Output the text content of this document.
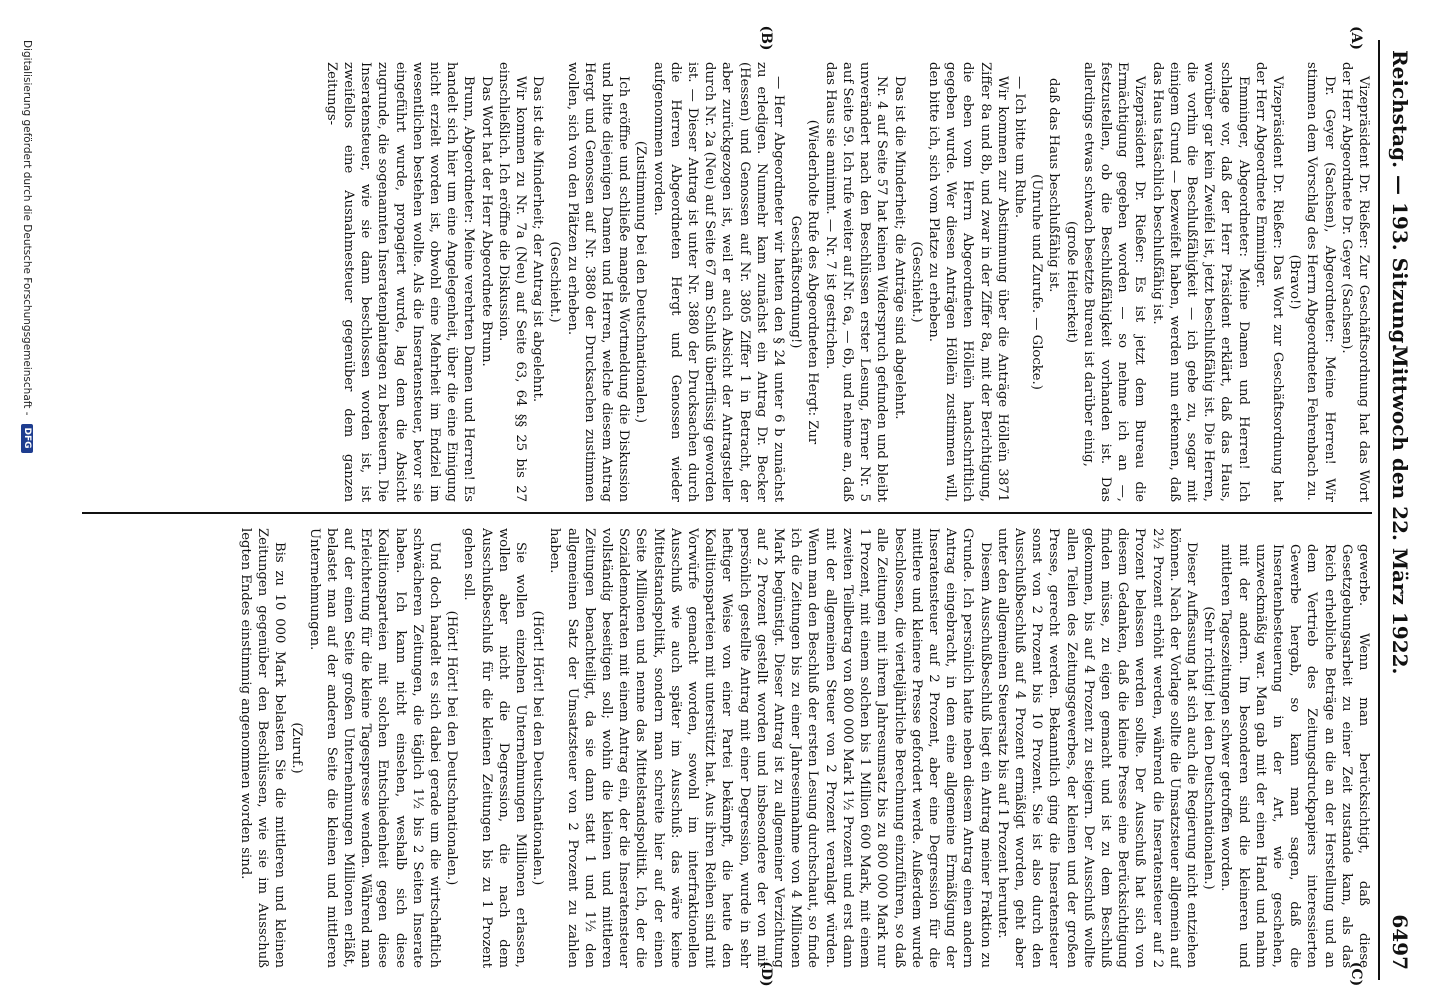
Reichstag. — 193. Sitzung.
Mittwoch den 22. März 1922.
6497
(A)
(B)
(C)
(D)

Vizepräsident Dr. Rießer: Zur Geschäftsordnung hat das Wort der Herr Abgeordnete Dr. Geyer (Sachsen).

Dr. Geyer (Sachsen), Abgeordneter: Meine Herren! Wir stimmen dem Vorschlag des Herrn Abgeordneten Fehrenbach zu.

(Bravo!)

Vizepräsident Dr. Rießer: Das Wort zur Geschäftsordnung hat der Herr Abgeordnete Emminger.

Emminger, Abgeordneter: Meine Damen und Herren! Ich schlage vor, daß der Herr Präsident erklärt, daß das Haus, worüber gar kein Zweifel ist, jetzt beschlußfähig ist. Die Herren, die vorhin die Beschlußfähigkeit — ich gebe zu, sogar mit einigem Grund — bezweifelt haben, werden nun erkennen, daß das Haus tatsächlich beschlußfähig ist.

Vizepräsident Dr. Rießer: Es ist jetzt dem Bureau die Ermächtigung gegeben worden — so nehme ich an —, festzustellen, ob die Beschlußfähigkeit vorhanden ist. Das allerdings etwas schwach besetzte Bureau ist darüber einig,

(große Heiterkeit)

daß das Haus beschlußfähig ist.

(Unruhe und Zurufe. — Glocke.)

— Ich bitte um Ruhe.

Wir kommen zur Abstimmung über die Anträge Hölleïn 3871 Ziffer 8a und 8b, und zwar in der Ziffer 8a, mit der Berichtigung, die eben vom Herrn Abgeordneten Hölleïn handschriftlich gegeben wurde. Wer diesen Anträgen Hölleïn zustimmen will, den bitte ich, sich vom Platze zu erheben.

(Geschieht.)

Das ist die Minderheit; die Anträge sind abgelehnt.

Nr. 4 auf Seite 57 hat keinen Widerspruch gefunden und bleibt unverändert nach den Beschlüssen erster Lesung, ferner Nr. 5 auf Seite 59. Ich rufe weiter auf Nr. 6a, — 6b, und nehme an, daß das Haus sie annimmt. — Nr. 7 ist gestrichen.

(Wiederholte Rufe des Abgeordneten Hergt: Zur Geschäftsordnung!)

— Herr Abgeordneter wir hatten den § 24 unter 6 b zunächst zu erledigen. Nunmehr kam zunächst ein Antrag Dr. Becker (Hessen) und Genossen auf Nr. 3805 Ziffer 1 in Betracht, der aber zurückgezogen ist, weil er auch Absicht der Antragsteller durch Nr. 2a (Neu) auf Seite 67 am Schluß überflüssig geworden ist. — Dieser Antrag ist unter Nr. 3880 der Drucksachen durch die Herren Abgeordneten Hergt und Genossen wieder aufgenommen worden.

(Zustimmung bei den Deutschnationalen.)

Ich eröffne und schließe mangels Wortmeldung die Diskussion und bitte diejenigen Damen und Herren, welche diesem Antrag Hergt und Genossen auf Nr. 3880 der Drucksachen zustimmen wollen, sich von den Plätzen zu erheben.

(Geschieht.)

Das ist die Minderheit; der Antrag ist abgelehnt.

Wir kommen zu Nr. 7a (Neu) auf Seite 63, 64 §§ 25 bis 27 einschließlich. Ich eröffne die Diskussion.

Das Wort hat der Herr Abgeordnete Brunn.

Brunn, Abgeordneter: Meine verehrten Damen und Herren! Es handelt sich hier um eine Angelegenheit, über die eine Einigung nicht erzielt worden ist, obwohl eine Mehrheit im Endziel im wesentlichen bestehen wollte. Als die Inseratensteuer, bevor sie eingeführt wurde, propagiert wurde, lag dem die Absicht zugrunde, die sogenannten Inseratenplantagen zu besteuern. Die Inseratensteuer, wie sie dann beschlossen worden ist, ist zweifellos eine Ausnahmesteuer gegenüber dem ganzen Zeitungs-

gewerbe. Wenn man berücksichtigt, daß diese Gesetzgebungsarbeit zu einer Zeit zustande kam, als das Reich erhebliche Beträge an die an der Herstellung und an dem Vertrieb des Zeitungsdruckpapiers interessierten Gewerbe hergab, so kann man sagen, daß die Inseratenbesteuerung in der Art, wie geschehen, unzweckmäßig war. Man gab mit der einen Hand und nahm mit der andern. Im besonderen sind die kleineren und mittleren Tageszeitungen schwer getroffen worden.

(Sehr richtig! bei den Deutschnationalen.)

Dieser Auffassung hat sich auch die Regierung nicht entziehen können. Nach der Vorlage sollte die Umsatzsteuer allgemein auf 2½ Prozent erhöht werden, während die Inseratensteuer auf 2 Prozent belassen werden sollte. Der Ausschuß hat sich von diesem Gedanken, daß die kleine Presse eine Berücksichtigung finden müsse, zu eigen gemacht und ist zu dem Beschluß gekommen, bis auf 4 Prozent zu steigern. Der Ausschuß wollte allen Teilen des Zeitungsgewerbes, der kleinen und der großen Presse, gerecht werden. Bekanntlich ging die Inseratensteuer sonst von 2 Prozent bis 10 Prozent. Sie ist also durch den Ausschußbeschluß auf 4 Prozent ermäßigt worden, geht aber unter den allgemeinen Steuersatz bis auf 1 Prozent herunter.

Diesem Ausschußbeschluß liegt ein Antrag meiner Fraktion zu Grunde. Ich persönlich hatte neben diesem Antrag einen andern Antrag eingebracht, in dem eine allgemeine Ermäßigung der Inseratensteuer auf 2 Prozent, aber eine Degression für die mittlere und kleinere Presse gefordert werde. Außerdem wurde beschlossen, die vierteljährliche Berechnung einzuführen, so daß alle Zeitungen mit ihrem Jahresumsatz bis zu 800 000 Mark nur 1 Prozent, mit einem solchen bis 1 Million 600 Mark, mit einem zweiten Teilbetrag von 800 000 Mark 1½ Prozent und erst dann mit der allgemeinen Steuer von 2 Prozent veranlagt würden. Wenn man den Beschluß der ersten Lesung durchschaut, so finde ich die Zeitungen bis zu einer Jahreseinnahme von 4 Millionen Mark begünstigt. Dieser Antrag ist zu allgemeiner Verzichtung auf 2 Prozent gestellt worden und insbesondere der von mir persönlich gestellte Antrag mit einer Degression, wurde in sehr heftiger Weise von einer Partei bekämpft, die heute den Koalitionsparteien mit unterstützt hat. Aus ihren Reihen sind mit Vorwürfe gemacht worden, sowohl im interfraktionellen Ausschuß wie auch später im Ausschuß: das wäre keine Mittelstandspolitik, sondern man schreite hier auf der einen Seite Millionen und nenne das Mittelstandspolitik. Ich, der die Sozialdemokraten mit einem Antrag ein, der die Inseratensteuer vollständig beseitigen soll; wohin die kleinen und mittleren Zeitungen benachteiligt, da sie dann statt 1 und 1½ den allgemeinen Satz der Umsatzsteuer von 2 Prozent zu zahlen haben.

(Hört! Hört! bei den Deutschnationalen.)

Sie wollen einzelnen Unternehmungen Millionen erlassen, wollen aber nicht die Degression, die nach dem Ausschußbeschluß für die kleinen Zeitungen bis zu 1 Prozent gehen soll.

(Hört! Hört! bei den Deutschnationalen.)

Und doch handelt es sich dabei gerade um die wirtschaftlich schwächeren Zeitungen, die täglich 1½ bis 2 Seiten Inserate haben. Ich kann nicht einsehen, weshalb sich diese Koalitionsparteien mit solchen Entschiedenheit gegen diese Erleichterung für die kleine Tagespresse wenden. Während man auf der einen Seite großen Unternehmungen Millionen erläßt, belastet man auf der anderen Seite die kleinen und mittleren Unternehmungen.

(Zuruf.)

Bis zu 10 000 Mark belasten Sie die mittleren und kleinen Zeitungen gegenüber den Beschlüssen, wie sie im Ausschuß legten Endes einstimmig angenommen worden sind.

Digitalisierung gefördert durch die Deutsche Forschungsgemeinschaft -
DFG
